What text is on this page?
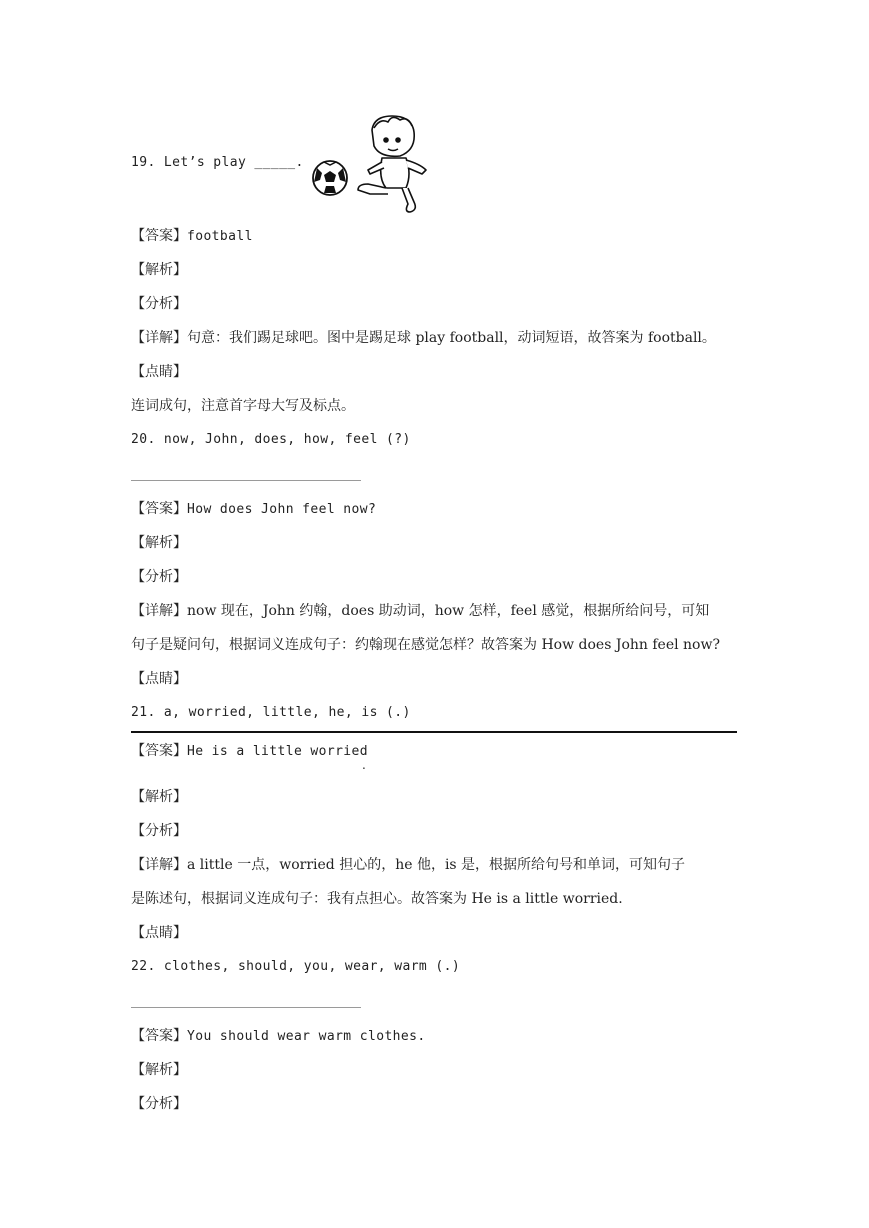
19. Let’s play _____.
【答案】football
【解析】
【分析】
【详解】句意：我们踢足球吧。图中是踢足球 play football，动词短语，故答案为 football。
【点睛】
连词成句，注意首字母大写及标点。
20. now, John, does, how, feel (?)
【答案】How does John feel now?
【解析】
【分析】
【详解】now 现在，John 约翰，does 助动词，how 怎样，feel 感觉，根据所给问号，可知
句子是疑问句，根据词义连成句子：约翰现在感觉怎样？故答案为 How does John feel now?
【点睛】
21. a, worried, little, he, is (.)
【答案】He is a little worried
.
【解析】
【分析】
【详解】a little 一点，worried 担心的，he 他，is 是，根据所给句号和单词，可知句子
是陈述句，根据词义连成句子：我有点担心。故答案为 He is a little worried.
【点睛】
22. clothes, should, you, wear, warm (.)
【答案】You should wear warm clothes.
【解析】
【分析】
